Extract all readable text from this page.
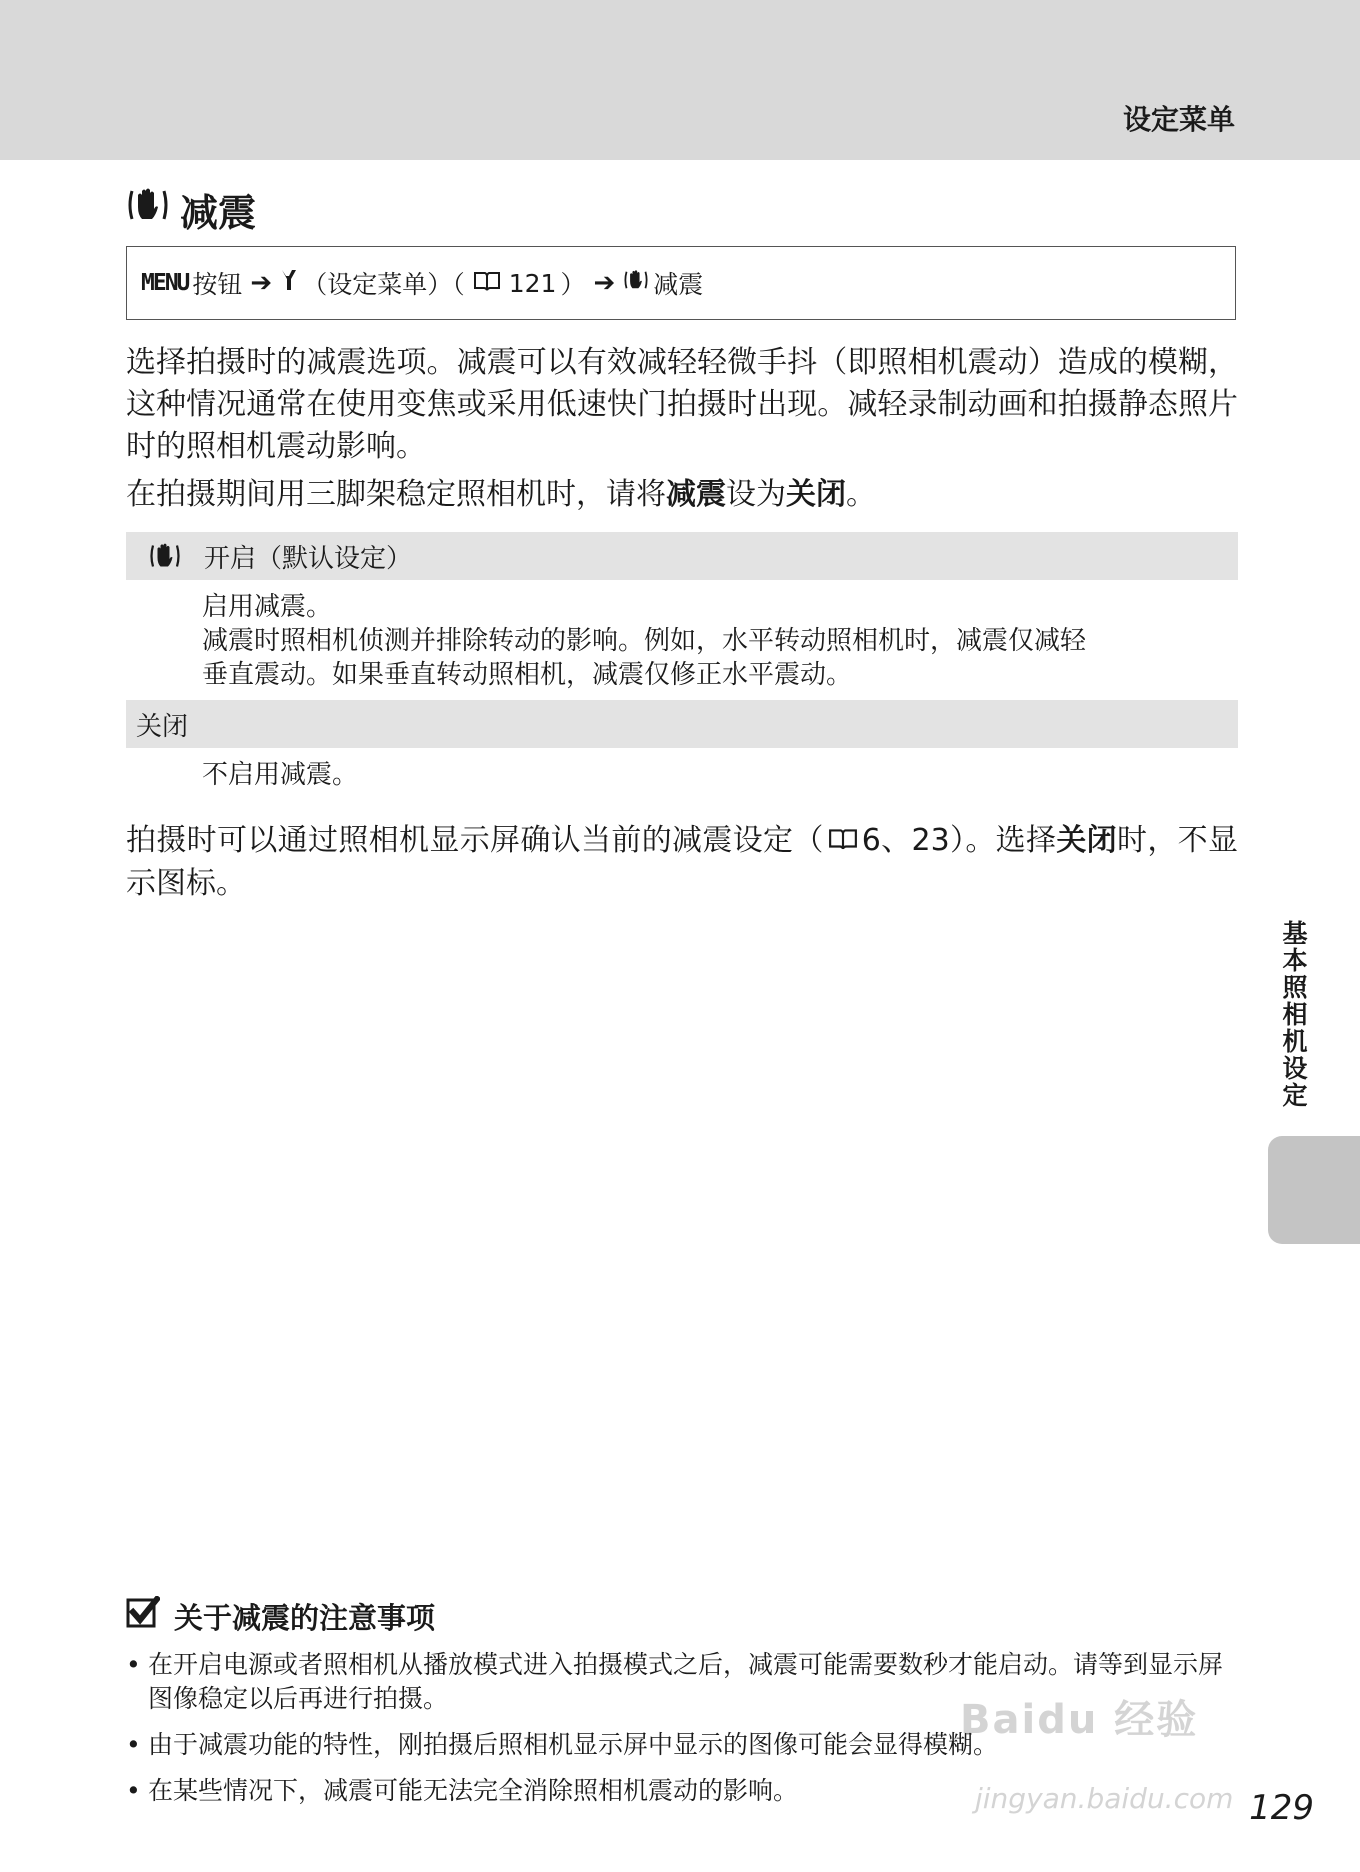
设定菜单
减震
MENU 按钮 ➔ （设定菜单）（ 121 ） ➔ 减震

选择拍摄时的减震选项。减震可以有效减轻轻微手抖（即照相机震动）造成的模糊，这种情况通常在使用变焦或采用低速快门拍摄时出现。减轻录制动画和拍摄静态照片时的照相机震动影响。

在拍摄期间用三脚架稳定照相机时，请将减震设为关闭。

开启（默认设定）
启用减震。
减震时照相机侦测并排除转动的影响。例如，水平转动照相机时，减震仅减轻
垂直震动。如果垂直转动照相机，减震仅修正水平震动。
关闭
不启用减震。
拍摄时可以通过照相机显示屏确认当前的减震设定（ 6、23）。选择关闭时，不显示图标。
基本照相机设定
关于减震的注意事项
• 在开启电源或者照相机从播放模式进入拍摄模式之后，减震可能需要数秒才能启动。请等到显示屏图像稳定以后再进行拍摄。
• 由于减震功能的特性，刚拍摄后照相机显示屏中显示的图像可能会显得模糊。
• 在某些情况下，减震可能无法完全消除照相机震动的影响。
Baidu 经验
jingyan.baidu.com 129
